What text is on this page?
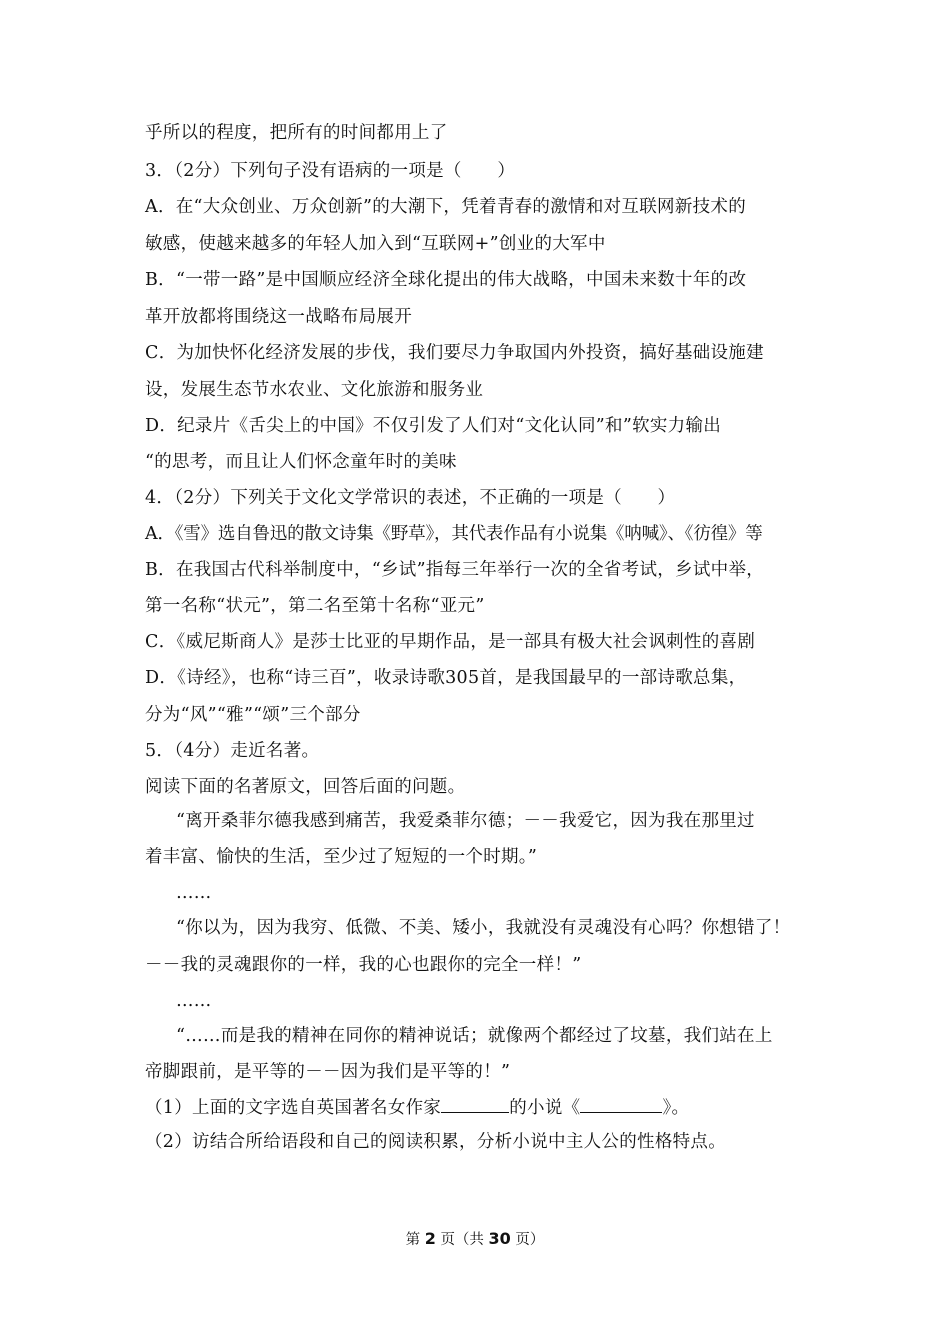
乎所以的程度，把所有的时间都用上了
3．（2分）下列句子没有语病的一项是（　　）
A．在“大众创业、万众创新”的大潮下，凭着青春的激情和对互联网新技术的
敏感，使越来越多的年轻人加入到“互联网+”创业的大军中
B．“一带一路”是中国顺应经济全球化提出的伟大战略，中国未来数十年的改
革开放都将围绕这一战略布局展开
C．为加快怀化经济发展的步伐，我们要尽力争取国内外投资，搞好基础设施建
设，发展生态节水农业、文化旅游和服务业
D．纪录片《舌尖上的中国》不仅引发了人们对“文化认同”和”软实力输出
“的思考，而且让人们怀念童年时的美味
4．（2分）下列关于文化文学常识的表述，不正确的一项是（　　）
A．《雪》选自鲁迅的散文诗集《野草》，其代表作品有小说集《呐喊》、《彷徨》等
B．在我国古代科举制度中，“乡试”指每三年举行一次的全省考试，乡试中举，
第一名称“状元”，第二名至第十名称“亚元”
C．《威尼斯商人》是莎士比亚的早期作品，是一部具有极大社会讽刺性的喜剧
D．《诗经》，也称“诗三百”，收录诗歌305首，是我国最早的一部诗歌总集，
分为“风”“雅”“颂”三个部分
5．（4分）走近名著。
阅读下面的名著原文，回答后面的问题。
“离开桑菲尔德我感到痛苦，我爱桑菲尔德；－－我爱它，因为我在那里过
着丰富、愉快的生活，至少过了短短的一个时期。”
……
“你以为，因为我穷、低微、不美、矮小，我就没有灵魂没有心吗？你想错了！
－－我的灵魂跟你的一样，我的心也跟你的完全一样！”
……
“……而是我的精神在同你的精神说话；就像两个都经过了坟墓，我们站在上
帝脚跟前，是平等的－－因为我们是平等的！”
（1）上面的文字选自英国著名女作家	的小说《	》。
（2）访结合所给语段和自己的阅读积累，分析小说中主人公的性格特点。
第 2 页（共 30 页）
